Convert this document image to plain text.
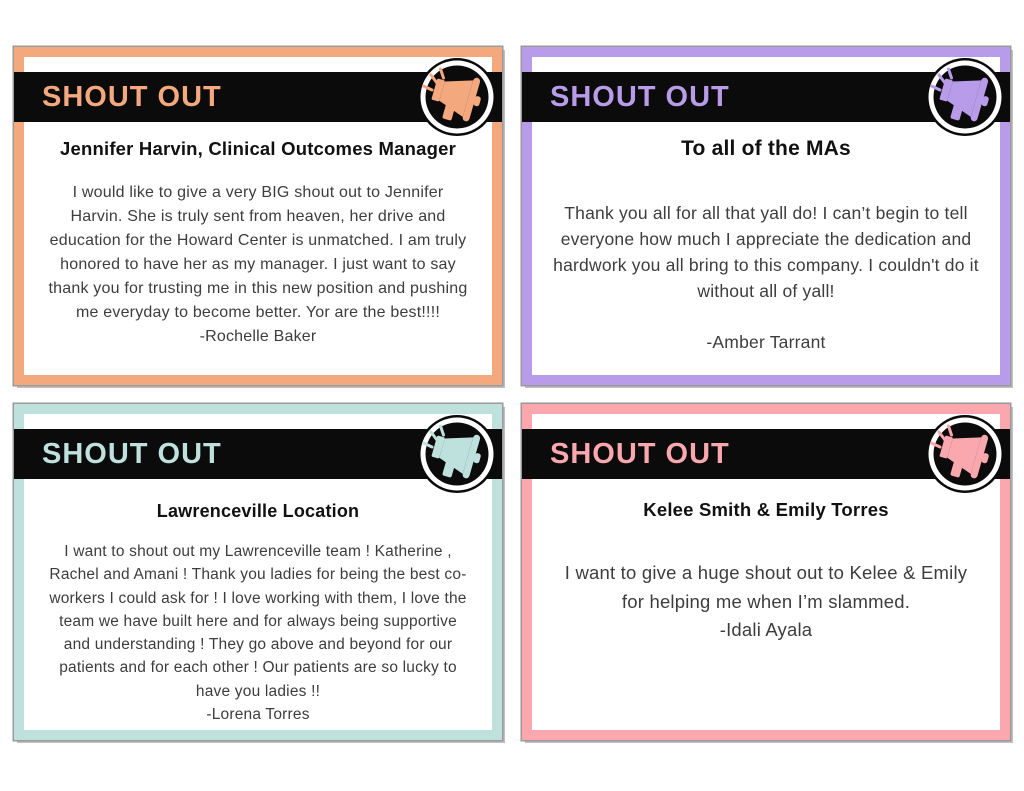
SHOUT OUT
Jennifer Harvin, Clinical Outcomes Manager
I would like to give a very BIG shout out to Jennifer Harvin. She is truly sent from heaven, her drive and education for the Howard Center is unmatched. I am truly honored to have her as my manager. I just want to say thank you for trusting me in this new position and pushing me everyday to become better. Yor are the best!!!!
-Rochelle Baker
SHOUT OUT
To all of the MAs
Thank you all for all that yall do! I can’t begin to tell everyone how much I appreciate the dedication and hardwork you all bring to this company. I couldn't do it without all of yall!
-Amber Tarrant
SHOUT OUT
Lawrenceville Location
I want to shout out my Lawrenceville team ! Katherine , Rachel and Amani ! Thank you ladies for being the best co-workers I could ask for ! I love working with them, I love the team we have built here and for always being supportive and understanding ! They go above and beyond for our patients and for each other ! Our patients are so lucky to have you ladies !!
-Lorena Torres
SHOUT OUT
Kelee Smith & Emily Torres
I want to give a huge shout out to Kelee & Emily for helping me when I’m slammed.
-Idali Ayala
